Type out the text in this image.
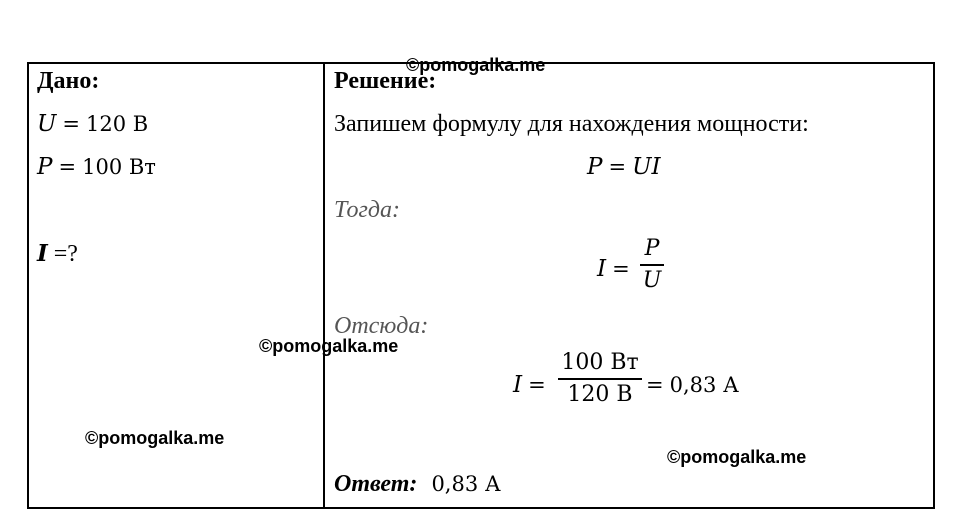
Дано:
U = 120 В
P = 100 Вт
I =?
Решение:
Запишем формулу для нахождения мощности:
P = UI
Тогда:
I =
P
U
Отсюда:
I =
100 Вт
120 В = 0,83 А
Ответ: 0,83 А
©pomogalka.me
©pomogalka.me
©pomogalka.me
©pomogalka.me
